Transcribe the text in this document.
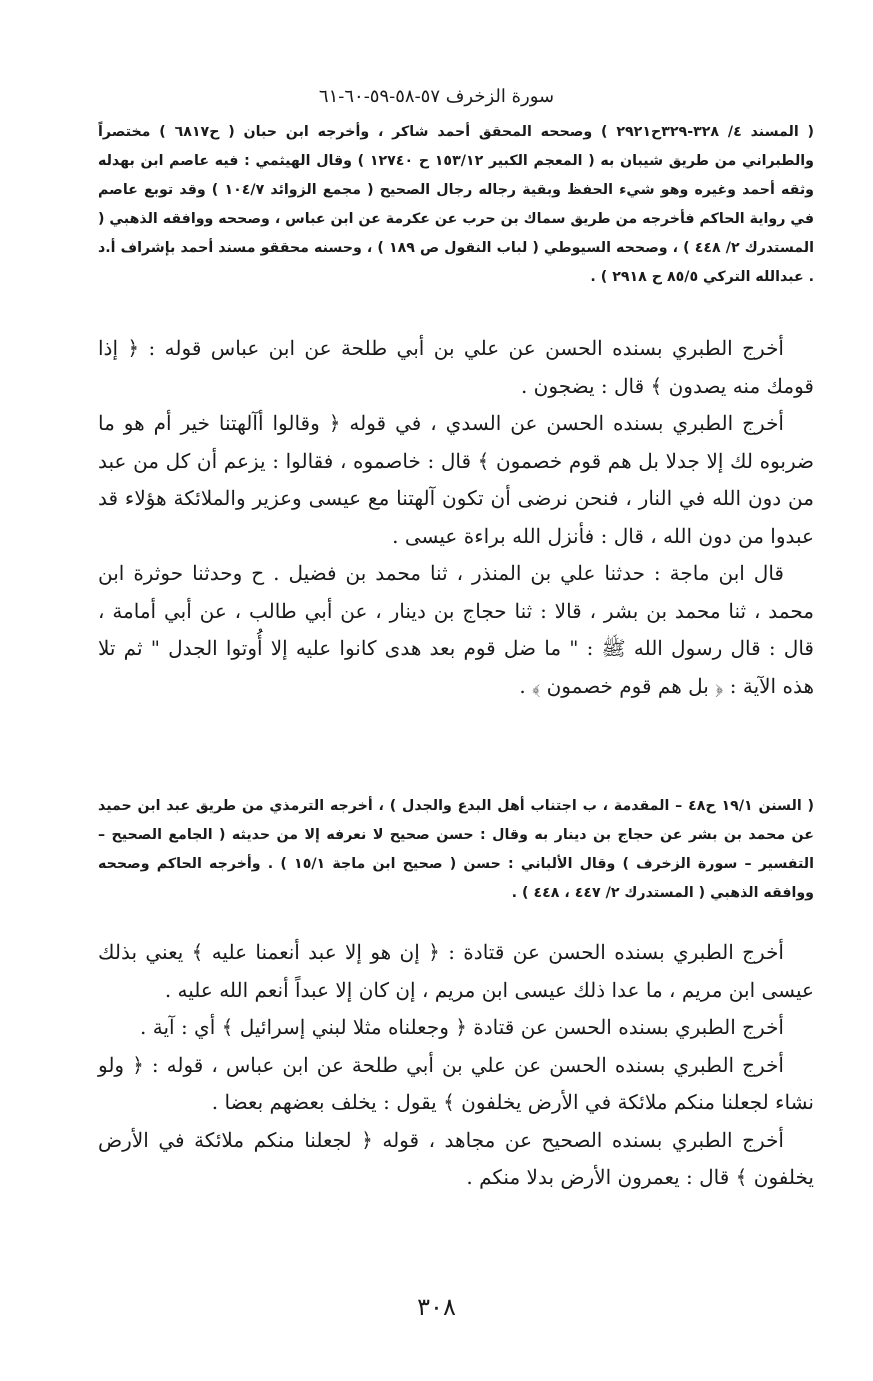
سورة الزخرف ٥٧-٥٨-٥٩-٦٠-٦١
( المسند ٤/ ٣٢٨-٣٢٩ح٢٩٢١ ) وصححه المحقق أحمد شاكر ، وأخرجه ابن حبان ( ح٦٨١٧ ) مختصراً والطبراني من طريق شيبان به ( المعجم الكبير ١٥٣/١٢ ح ١٢٧٤٠ ) وقال الهيثمي : فيه عاصم ابن بهدله وثقه أحمد وغيره وهو شيء الحفظ وبقية رجاله رجال الصحيح ( مجمع الزوائد ١٠٤/٧ ) وقد توبع عاصم في رواية الحاكم فأخرجه من طريق سماك بن حرب عن عكرمة عن ابن عباس ، وصححه ووافقه الذهبي ( المستدرك ٢/ ٤٤٨ ) ، وصححه السيوطي ( لباب النقول ص ١٨٩ ) ، وحسنه محققو مسند أحمد بإشراف أ.د . عبدالله التركي ٨٥/٥ ح ٢٩١٨ ) .

أخرج الطبري بسنده الحسن عن علي بن أبي طلحة عن ابن عباس قوله : ﴿ إذا قومك منه يصدون ﴾ قال : يضجون .

أخرج الطبري بسنده الحسن عن السدي ، في قوله ﴿ وقالوا أآلهتنا خير أم هو ما ضربوه لك إلا جدلا بل هم قوم خصمون ﴾ قال : خاصموه ، فقالوا : يزعم أن كل من عبد من دون الله في النار ، فنحن نرضى أن تكون آلهتنا مع عيسى وعزير والملائكة هؤلاء قد عبدوا من دون الله ، قال : فأنزل الله براءة عيسى .

قال ابن ماجة : حدثنا علي بن المنذر ، ثنا محمد بن فضيل . ح وحدثنا حوثرة ابن محمد ، ثنا محمد بن بشر ، قالا : ثنا حجاج بن دينار ، عن أبي طالب ، عن أبي أمامة ، قال : قال رسول الله ﷺ : " ما ضل قوم بعد هدى كانوا عليه إلا أُوتوا الجدل " ثم تلا هذه الآية : ﴿ بل هم قوم خصمون ﴾ .

( السنن ١٩/١ ح٤٨ – المقدمة ، ب اجتناب أهل البدع والجدل ) ، أخرجه الترمذي من طريق عبد ابن حميد عن محمد بن بشر عن حجاج بن دينار به وقال : حسن صحيح لا نعرفه إلا من حديثه ( الجامع الصحيح – التفسير – سورة الزخرف ) وقال الألباني : حسن ( صحيح ابن ماجة ١٥/١ ) . وأخرجه الحاكم وصححه ووافقه الذهبي ( المستدرك ٢/ ٤٤٧ ، ٤٤٨ ) .

أخرج الطبري بسنده الحسن عن قتادة : ﴿ إن هو إلا عبد أنعمنا عليه ﴾ يعني بذلك عيسى ابن مريم ، ما عدا ذلك عيسى ابن مريم ، إن كان إلا عبداً أنعم الله عليه .

أخرج الطبري بسنده الحسن عن قتادة ﴿ وجعلناه مثلا لبني إسرائيل ﴾ أي : آية .

أخرج الطبري بسنده الحسن عن علي بن أبي طلحة عن ابن عباس ، قوله : ﴿ ولو نشاء لجعلنا منكم ملائكة في الأرض يخلفون ﴾ يقول : يخلف بعضهم بعضا .

أخرج الطبري بسنده الصحيح عن مجاهد ، قوله ﴿ لجعلنا منكم ملائكة في الأرض يخلفون ﴾ قال : يعمرون الأرض بدلا منكم .

٣٠٨
